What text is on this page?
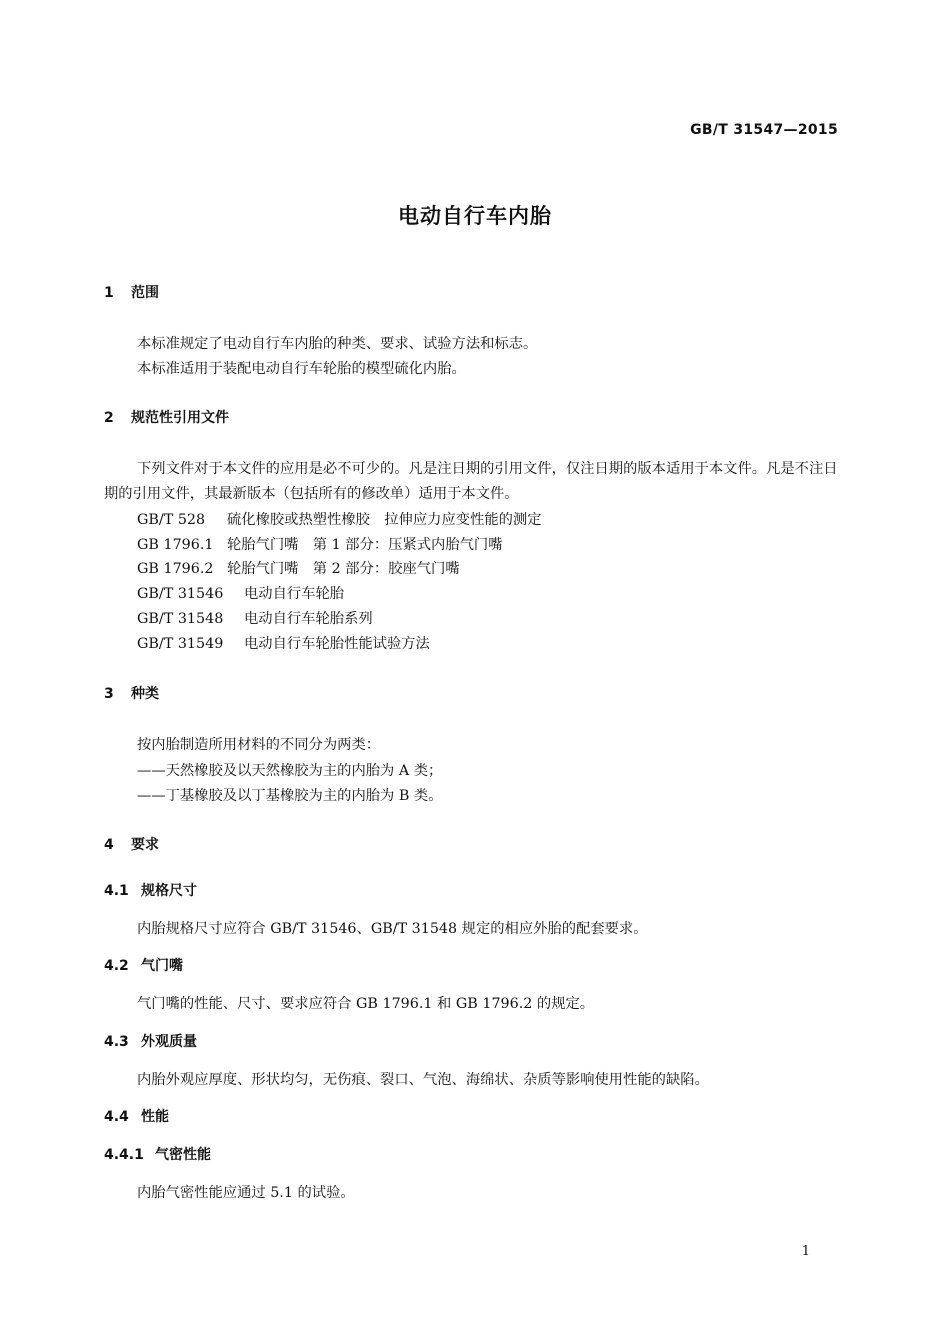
GB/T 31547—2015
电动自行车内胎
1 范围
本标准规定了电动自行车内胎的种类、要求、试验方法和标志。
本标准适用于装配电动自行车轮胎的模型硫化内胎。
2 规范性引用文件
下列文件对于本文件的应用是必不可少的。凡是注日期的引用文件，仅注日期的版本适用于本文件。凡是不注日期的引用文件，其最新版本（包括所有的修改单）适用于本文件。
GB/T 528 硫化橡胶或热塑性橡胶　拉伸应力应变性能的测定
GB 1796.1 轮胎气门嘴　第 1 部分：压紧式内胎气门嘴
GB 1796.2 轮胎气门嘴　第 2 部分：胶座气门嘴
GB/T 31546 电动自行车轮胎
GB/T 31548 电动自行车轮胎系列
GB/T 31549 电动自行车轮胎性能试验方法
3 种类
按内胎制造所用材料的不同分为两类：
——天然橡胶及以天然橡胶为主的内胎为 A 类；
——丁基橡胶及以丁基橡胶为主的内胎为 B 类。
4 要求
4.1 规格尺寸
内胎规格尺寸应符合 GB/T 31546、GB/T 31548 规定的相应外胎的配套要求。
4.2 气门嘴
气门嘴的性能、尺寸、要求应符合 GB 1796.1 和 GB 1796.2 的规定。
4.3 外观质量
内胎外观应厚度、形状均匀，无伤痕、裂口、气泡、海绵状、杂质等影响使用性能的缺陷。
4.4 性能
4.4.1 气密性能
内胎气密性能应通过 5.1 的试验。
1
